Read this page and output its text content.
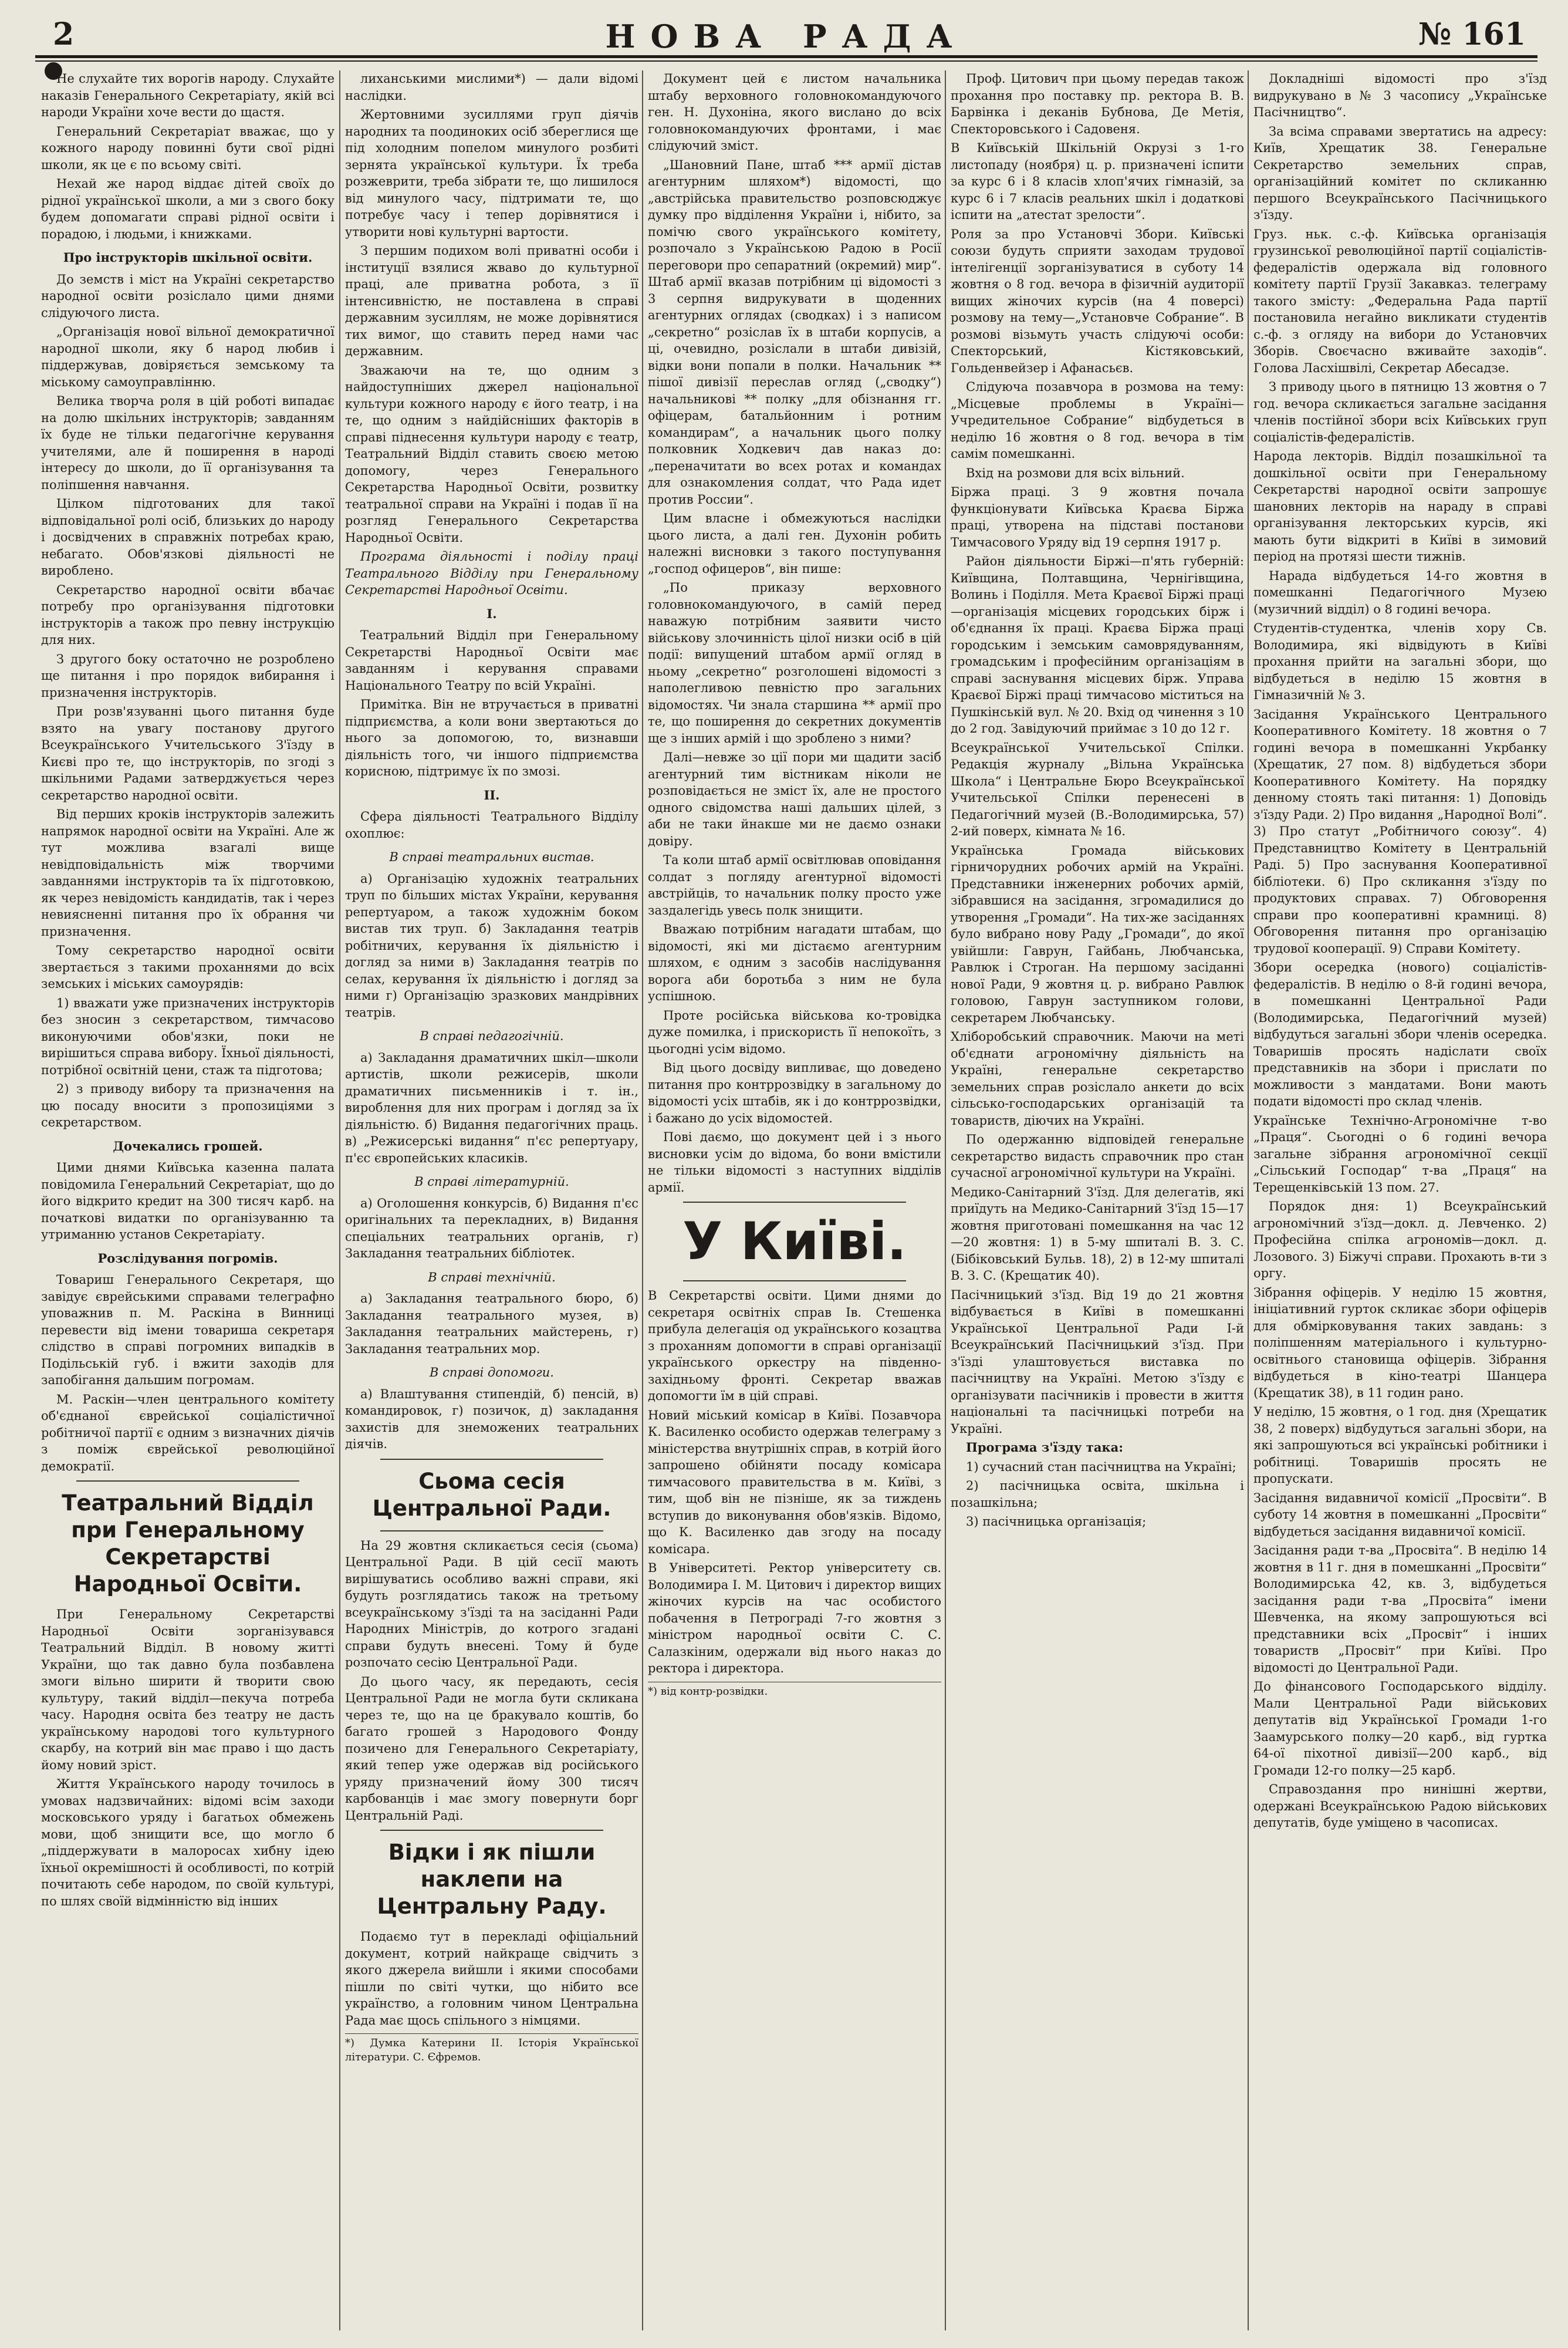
2	НОВА РАДА	№ 161

Не слухайте тих ворогів народу. Слухайте наказів Генерального Секретаріату, якій всі народи України хоче вести до щастя.

Генеральний Секретаріат вважає, що у кожного народу повинні бути свої рідні школи, як це є по всьому світі.

Нехай же народ віддає дітей своїх до рідної української школи, а ми з свого боку будем допомагати справі рідної освіти і порадою, і людьми, і книжками.

Про інструкторів шкільної освіти.

До земств і міст на Україні секретарство народної освіти розіслало цими днями слідуючого листа.

„Організація нової вільної демократичної народної школи, яку б народ любив і піддержував, довіряється земському та міському самоуправлінню.

Велика творча роля в цій роботі випадає на долю шкільних інструкторів; завданням їх буде не тільки педагогічне керування учителями, але й поширення в народі інтересу до школи, до її організування та поліпшення навчання.

Цілком підготованих для такої відповідальної ролі осіб, близьких до народу і досвідчених в справжніх потребах краю, небагато. Обов'язкові діяльності не вироблено.

Секретарство народної освіти вбачає потребу про організування підготовки інструкторів а також про певну інструкцію для них.

З другого боку остаточно не розроблено ще питання і про порядок вибирання і призначення інструкторів.

При розв'язуванні цього питання буде взято на увагу постанову другого Всеукраїнського Учительського З'їзду в Києві про те, що інструкторів, по згоді з шкільними Радами затверджується через секретарство народної освіти.

Від перших кроків інструкторів залежить напрямок народної освіти на Україні. Але ж тут можлива взагалі вище невідповідальність між творчими завданнями інструкторів та їх підготовкою, як через невідомість кандидатів, так і через невиясненні питання про їх обрання чи призначення.

Тому секретарство народної освіти звертається з такими проханнями до всіх земських і міських самоурядів:

1) вважати уже призначених інструкторів без зносин з секретарством, тимчасово виконуючими обов'язки, поки не вирішиться справа вибору. Їхньої діяльності, потрібної освітній цени, стаж та підготова;

2) з приводу вибору та призначення на цю посаду вносити з пропозиціями з секретарством.

Дочекались грошей.

Цими днями Київська казенна палата повідомила Генеральний Секретаріат, що до його відкрито кредит на 300 тисяч карб. на початкові видатки по організуванню та утриманню установ Секретаріату.

Розслідування погромів.

Товариш Генерального Секретаря, що завідує єврейськими справами телеграфно уповажнив п. М. Раскіна в Винниці перевести від імени товариша секретаря слідство в справі погромних випадків в Подільській губ. і вжити заходів для запобігання дальшим погромам.

М. Раскін—член центрального комітету об'єднаної єврейської соціалістичної робітничої партії є одним з визначних діячів з поміж єврейської революційної демократії.

Театральний Відділ при Генеральному Секретарстві Народньої Освіти.

При Генеральному Секретарстві Народньої Освіти зорганізувався Театральний Відділ. В новому житті України, що так давно була позбавлена змоги вільно ширити й творити свою культуру, такий відділ—пекуча потреба часу. Народня освіта без театру не дасть українському народові того культурного скарбу, на котрий він має право і що дасть йому новий зріст.

Життя Українського народу точилось в умовах надзвичайних: відомі всім заходи московського уряду і багатьох обмежень мови, щоб знищити все, що могло б „піддержувати в малоросах хибну ідею їхньої окремішності й особливості, по котрій почитають себе народом, по своїй культурі, по шлях своїй відмінністю від інших

лиханськими мислими*) — дали відомі наслідки.

Жертовними зусиллями груп діячів народних та поодиноких осіб збереглися ще під холодним попелом минулого розбиті зернята української культури. Їх треба розжеврити, треба зібрати те, що лишилося від минулого часу, підтримати те, що потребує часу і тепер дорівнятися і утворити нові культурні вартости.

З першим подихом волі приватні особи і інституції взялися жваво до культурної праці, але приватна робота, з її інтенсивністю, не поставлена в справі державним зусиллям, не може дорівнятися тих вимог, що ставить перед нами час державним.

Зважаючи на те, що одним з найдоступніших джерел національної культури кожного народу є його театр, і на те, що одним з найдійсніших факторів в справі піднесення культури народу є театр, Театральний Відділ ставить своєю метою допомогу, через Генерального Секретарства Народньої Освіти, розвитку театральної справи на Україні і подав її на розгляд Генерального Секретарства Народньої Освіти.

Програма діяльності і поділу праці Театрального Відділу при Генеральному Секретарстві Народньої Освіти.

I.

Театральний Відділ при Генеральному Секретарстві Народньої Освіти має завданням і керування справами Національного Театру по всій Україні.

Примітка. Він не втручається в приватні підприємства, а коли вони звертаються до нього за допомогою, то, визнавши діяльність того, чи іншого підприємства корисною, підтримує їх по змозі.

II.

Сфера діяльності Театрального Відділу охоплює:

В справі театральних вистав.

а) Організацію художніх театральних труп по більших містах України, керування репертуаром, а також художнім боком вистав тих труп. б) Закладання театрів робітничих, керування їх діяльністю і догляд за ними в) Закладання театрів по селах, керування їх діяльністю і догляд за ними г) Організацію зразкових мандрівних театрів.

В справі педагогічній.

а) Закладання драматичних шкіл—школи артистів, школи режисерів, школи драматичних письменників і т. ін., вироблення для них програм і догляд за їх діяльністю. б) Видання педагогічних праць. в) „Режисерські видання“ п'єс репертуару, п'єс європейських класиків.

В справі літературній.

а) Оголошення конкурсів, б) Видання п'єс оригінальних та перекладних, в) Видання спеціальних театральних органів, г) Закладання театральних бібліотек.

В справі технічній.

а) Закладання театрального бюро, б) Закладання театрального музея, в) Закладання театральних майстерень, г) Закладання театральних мор.

В справі допомоги.

а) Влаштування стипендій, б) пенсій, в) командировок, г) позичок, д) закладання захистів для знеможених театральних діячів.

Сьома сесія Центральної Ради.

На 29 жовтня скликається сесія (сьома) Центральної Ради. В цій сесії мають вирішуватись особливо важні справи, які будуть розглядатись також на третьому всеукраїнському з'їзді та на засіданні Ради Народних Міністрів, до котрого згадані справи будуть внесені. Тому й буде розпочато сесію Центральної Ради.

До цього часу, як передають, сесія Центральної Ради не могла бути скликана через те, що на це бракувало коштів, бо багато грошей з Народового Фонду позичено для Генерального Секретаріату, який тепер уже одержав від російського уряду призначений йому 300 тисяч карбованців і має змогу повернути борг Центральній Раді.

Відки і як пішли наклепи на Центральну Раду.

Подаємо тут в перекладі офіціальний документ, котрий найкраще свідчить з якого джерела вийшли і якими способами пішли по світі чутки, що нібито все українство, а головним чином Центральна Рада має щось спільного з німцями.

*) Думка Катерини II. Історія Української літератури. С. Єфремов.

Документ цей є листом начальника штабу верховного головнокомандуючого ген. Н. Духоніна, якого вислано до всіх головнокомандуючих фронтами, і має слідуючий зміст.

„Шановний Пане, штаб *** армії дістав агентурним шляхом*) відомості, що „австрійська правительство розповсюджує думку про відділення України і, нібито, за помічю свого українського комітету, розпочало з Українською Радою в Росії переговори про сепаратний (окремий) мир“. Штаб армії вказав потрібним ці відомості з 3 серпня видрукувати в щоденних агентурних оглядах (сводках) і з написом „секретно“ розіслав їх в штаби корпусів, а ці, очевидно, розіслали в штаби дивізій, відки вони попали в полки. Начальник ** пішої дивізії переслав огляд („сводку“) начальникові ** полку „для обізнання гг. офіцерам, батальйонним і ротним командирам“, а начальник цього полку полковник Ходкевич дав наказ до: „переначитати во всех ротах и командах для ознакомления солдат, что Рада идет против России“.

Цим власне і обмежуються наслідки цього листа, а далі ген. Духонін робить належні висновки з такого поступування „господ офицеров“, він пише:

„По приказу верховного головнокомандуючого, в самій перед наважую потрібним заявити чисто військову злочинність цілої низки осіб в цій події: випущений штабом армії огляд в ньому „секретно“ розголошені відомості з наполегливою певністю про загальних відомостях. Чи знала старшина ** армії про те, що поширення до секретних документів ще з інших армій і що зроблено з ними?

Далі—невже зо ції пори ми щадити засіб агентурний тим вістникам ніколи не розповідається не зміст їх, але не простого одного свідомства наші дальших цілей, з аби не таки йнакше ми не даємо ознаки довіру.

Та коли штаб армії освітлював оповідання солдат з погляду агентурної відомості австрійців, то начальник полку просто уже заздалегідь увесь полк знищити.

Вважаю потрібним нагадати штабам, що відомості, які ми дістаємо агентурним шляхом, є одним з засобів наслідування ворога аби боротьба з ним не була успішною.

Проте російська військова ко-тровідка дуже помилка, і прискористь її непокоїть, з цьогодні усім відомо.

Від цього досвіду випливає, що доведено питання про контррозвідку в загальному до відомості усіх штабів, як і до контррозвідки, і бажано до усіх відомостей.

Пові даємо, що документ цей і з нього висновки усім до відома, бо вони вмістили не тільки відомості з наступних відділів армії.

У Київі.

В Секретарстві освіти. Цими днями до секретаря освітніх справ Ів. Стешенка прибула делегація од українського козацтва з проханням допомогти в справі організації українського оркестру на південно-західньому фронті. Секретар вважав допомогти їм в цій справі.

Новий міський комісар в Київі. Позавчора К. Василенко особисто одержав телеграму з міністерства внутрішніх справ, в котрій його запрошено обійняти посаду комісара тимчасового правительства в м. Київі, з тим, щоб він не пізніше, як за тиждень вступив до виконування обов'язків. Відомо, що К. Василенко дав згоду на посаду комісара.

В Університеті. Ректор університету св. Володимира І. М. Цитович і директор вищих жіночих курсів на час особистого побачення в Петрограді 7-го жовтня з міністром народньої освіти С. С. Салазкіним, одержали від нього наказ до ректора і директора.

*) від контр-розвідки.

Проф. Цитович при цьому передав також прохання про поставку пр. ректора В. В. Барвінка і деканів Бубнова, Де Метія, Спекторовського і Садовеня.

В Київській Шкільній Окрузі з 1-го листопаду (ноября) ц. р. призначені іспити за курс 6 і 8 класів хлоп'ячих гімназій, за курс 6 і 7 класів реальних шкіл і додаткові іспити на „атестат зрелости“.

Роля за про Установчі Збори. Київські союзи будуть сприяти заходам трудової інтелігенції зорганізуватися в суботу 14 жовтня о 8 год. вечора в фізичній аудиторії вищих жіночих курсів (на 4 поверсі) розмову на тему—„Установче Собрание“. В розмові візьмуть участь слідуючі особи: Спекторський, Кістяковський, Гольденвейзер і Афанасьєв.

Слідуюча позавчора в розмова на тему: „Місцевые проблемы в Україні—Учредительное Собрание“ відбудеться в неділю 16 жовтня о 8 год. вечора в тім самім помешканні.

Вхід на розмови для всіх вільний.

Біржа праці. З 9 жовтня почала функціонувати Київська Краєва Біржа праці, утворена на підставі постанови Тимчасового Уряду від 19 серпня 1917 р.

Район діяльности Біржі—п'ять губерній: Київщина, Полтавщина, Чернігівщина, Волинь і Поділля. Мета Краєвої Біржі праці—організація місцевих городських бірж і об'єднання їх праці. Краєва Біржа праці городським і земським самоврядуванням, громадським і професійним організаціям в справі заснування місцевих бірж. Управа Краєвої Біржі праці тимчасово міститься на Пушкінській вул. № 20. Вхід од чинення з 10 до 2 год. Завідуючий приймає з 10 до 12 г.

Всеукраїнської Учительської Спілки. Редакція журналу „Вільна Українська Школа“ і Центральне Бюро Всеукраїнської Учительської Спілки перенесені в Педагогічний музей (В.-Володимирська, 57) 2-ий поверх, кімната № 16.

Українська Громада військових гірничорудних робочих армій на Україні. Представники інженерних робочих армій, зібравшися на засідання, згромадилися до утворення „Громади“. На тих-же засіданнях було вибрано нову Раду „Громади“, до якої увійшли: Гаврун, Гайбань, Любчанська, Равлюк і Строган. На першому засіданні нової Ради, 9 жовтня ц. р. вибрано Равлюк головою, Гаврун заступником голови, секретарем Любчанську.

Хліборобський справочник. Маючи на меті об'єднати агрономічну діяльність на Україні, генеральне секретарство земельних справ розіслало анкети до всіх сільсько-господарських організацій та товариств, діючих на Україні.

По одержанню відповідей генеральне секретарство видасть справочник про стан сучасної агрономічної культури на Україні.

Медико-Санітарний З'їзд. Для делегатів, які приїдуть на Медико-Санітарний З'їзд 15—17 жовтня приготовані помешкання на час 12—20 жовтня: 1) в 5-му шпиталі В. З. С. (Бібіковський Бульв. 18), 2) в 12-му шпиталі В. З. С. (Крещатик 40).

Пасічницький з'їзд. Від 19 до 21 жовтня відбувається в Київі в помешканні Української Центральної Ради I-й Всеукраїнський Пасічницький з'їзд. При з'їзді улаштовується виставка по пасічництву на Україні. Метою з'їзду є організувати пасічників і провести в життя національні та пасічницькі потреби на Україні.

Програма з'їзду така:

1) сучасний стан пасічництва на Україні;

2) пасічницька освіта, шкільна і позашкільна;

3) пасічницька організація;

Докладніші відомості про з'їзд видрукувано в № 3 часопису „Українське Пасічництво“.

За всіма справами звертатись на адресу: Київ, Хрещатик 38. Генеральне Секретарство земельних справ, організаційний комітет по скликанню першого Всеукраїнського Пасічницького з'їзду.

Груз. ньк. с.-ф. Київська організація грузинської революційної партії соціалістів-федералістів одержала від головного комітету партії Грузії Закавказ. телеграму такого змісту: „Федеральна Рада партії постановила негайно викликати студентів с.-ф. з огляду на вибори до Установчих Зборів. Своєчасно вживайте заходів“. Голова Ласхішвілі, Секретар Абесадзе.

З приводу цього в пятницю 13 жовтня о 7 год. вечора скликається загальне засідання членів постійної збори всіх Київських груп соціалістів-федералістів.

Народа лекторів. Відділ позашкільної та дошкільної освіти при Генеральному Секретарстві народної освіти запрошує шановних лекторів на нараду в справі організування лекторських курсів, які мають бути відкриті в Київі в зимовий період на протязі шести тижнів.

Нарада відбудеться 14-го жовтня в помешканні Педагогічного Музею (музичний відділ) о 8 годині вечора.

Студентів-студентка, членів хору Св. Володимира, які відвідують в Київі прохання прийти на загальні збори, що відбудеться в неділю 15 жовтня в Гімназичній № 3.

Засідання Українського Центрального Кооперативного Комітету. 18 жовтня о 7 годині вечора в помешканні Укрбанку (Хрещатик, 27 пом. 8) відбудеться збори Кооперативного Комітету. На порядку денному стоять такі питання: 1) Доповідь з'їзду Ради. 2) Про видання „Народної Волі“. 3) Про статут „Робітничого союзу“. 4) Представництво Комітету в Центральній Раді. 5) Про заснування Кооперативної бібліотеки. 6) Про скликання з'їзду по продуктових справах. 7) Обговорення справи про кооперативні крамниці. 8) Обговорення питання про організацію трудової кооперації. 9) Справи Комітету.

Збори осередка (нового) соціалістів-федералістів. В неділю о 8-й годині вечора, в помешканні Центральної Ради (Володимирська, Педагогічний музей) відбудуться загальні збори членів осередка. Товаришів просять надіслати своїх представників на збори і прислати по можливости з мандатами. Вони мають подати відомості про склад членів.

Українське Технічно-Агрономічне т-во „Праця“. Сьогодні о 6 годині вечора загальне зібрання агрономічної секції „Сільський Господар“ т-ва „Праця“ на Терещенківській 13 пом. 27.

Порядок дня: 1) Всеукраїнський агрономічний з'їзд—докл. д. Левченко. 2) Професійна спілка агрономів—докл. д. Лозового. 3) Біжучі справи. Прохають в-ти з оргу.

Зібрання офіцерів. У неділю 15 жовтня, ініціативний гурток скликає збори офіцерів для обмірковування таких завдань: з поліпшенням матеріального і культурно-освітнього становища офіцерів. Зібрання відбудеться в кіно-театрі Шанцера (Крещатик 38), в 11 годин рано.

У неділю, 15 жовтня, о 1 год. дня (Хрещатик 38, 2 поверх) відбудуться загальні збори, на які запрошуються всі українські робітники і робітниці. Товаришів просять не пропускати.

Засідання видавничої комісії „Просвіти“. В суботу 14 жовтня в помешканні „Просвіти“ відбудеться засідання видавничої комісії.

Засідання ради т-ва „Просвіта“. В неділю 14 жовтня в 11 г. дня в помешканні „Просвіти“ Володимирська 42, кв. 3, відбудеться засідання ради т-ва „Просвіта“ імени Шевченка, на якому запрошуються всі представники всіх „Просвіт“ і інших товариств „Просвіт“ при Київі. Про відомості до Центральної Ради.

До фінансового Господарського відділу. Мали Центральної Ради військових депутатів від Української Громади 1-го Заамурського полку—20 карб., від гуртка 64-ої піхотної дивізії—200 карб., від Громади 12-го полку—25 карб.

Справоздання про нинішні жертви, одержані Всеукраїнською Радою військових депутатів, буде уміщено в часописах.
